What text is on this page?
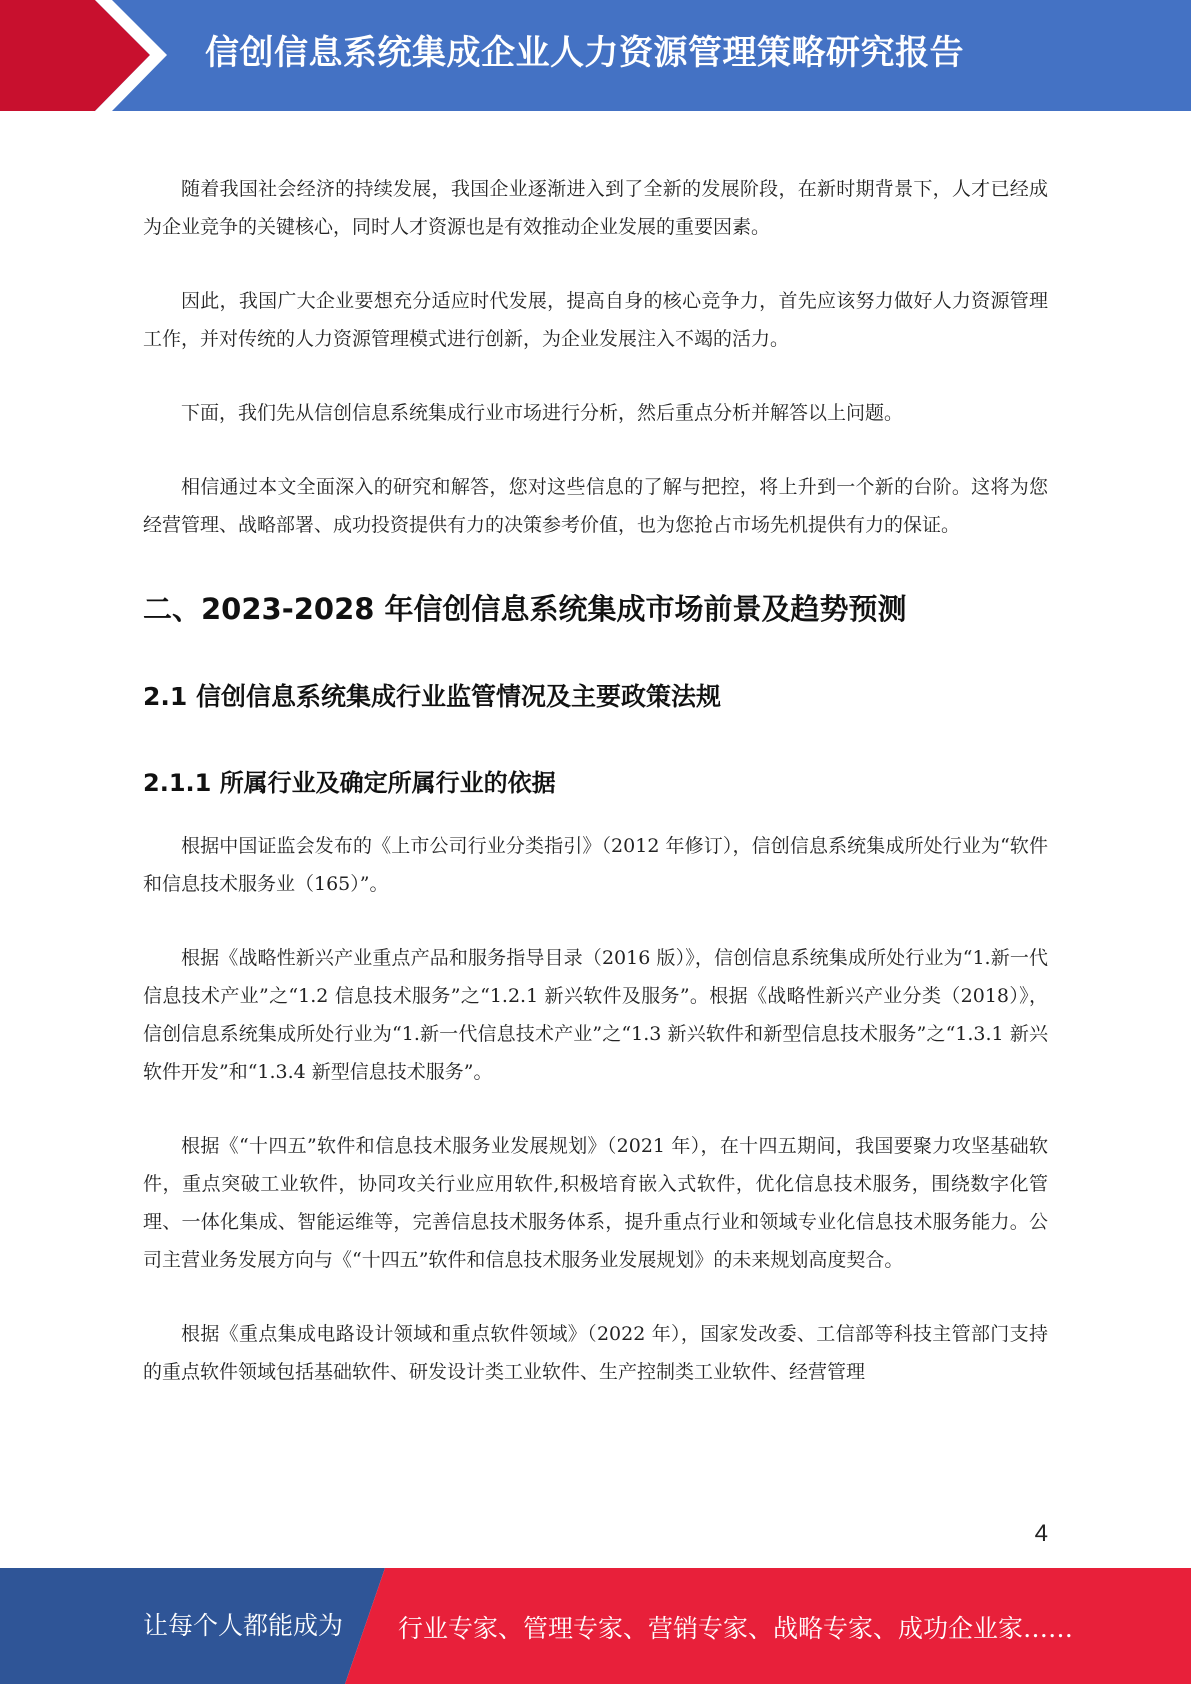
信创信息系统集成企业人力资源管理策略研究报告

随着我国社会经济的持续发展，我国企业逐渐进入到了全新的发展阶段，在新时期背景下，人才已经成为企业竞争的关键核心，同时人才资源也是有效推动企业发展的重要因素。

因此，我国广大企业要想充分适应时代发展，提高自身的核心竞争力，首先应该努力做好人力资源管理工作，并对传统的人力资源管理模式进行创新，为企业发展注入不竭的活力。

下面，我们先从信创信息系统集成行业市场进行分析，然后重点分析并解答以上问题。

相信通过本文全面深入的研究和解答，您对这些信息的了解与把控，将上升到一个新的台阶。这将为您经营管理、战略部署、成功投资提供有力的决策参考价值，也为您抢占市场先机提供有力的保证。

二、2023-2028 年信创信息系统集成市场前景及趋势预测
2.1 信创信息系统集成行业监管情况及主要政策法规
2.1.1 所属行业及确定所属行业的依据

根据中国证监会发布的《上市公司行业分类指引》（2012 年修订），信创信息系统集成所处行业为“软件和信息技术服务业（165）”。

根据《战略性新兴产业重点产品和服务指导目录（2016 版）》，信创信息系统集成所处行业为“1.新一代信息技术产业”之“1.2 信息技术服务”之“1.2.1 新兴软件及服务”。根据《战略性新兴产业分类（2018）》，信创信息系统集成所处行业为“1.新一代信息技术产业”之“1.3 新兴软件和新型信息技术服务”之“1.3.1 新兴软件开发”和“1.3.4 新型信息技术服务”。

根据《“十四五”软件和信息技术服务业发展规划》（2021 年），在十四五期间，我国要聚力攻坚基础软件，重点突破工业软件，协同攻关行业应用软件,积极培育嵌入式软件，优化信息技术服务，围绕数字化管理、一体化集成、智能运维等，完善信息技术服务体系，提升重点行业和领域专业化信息技术服务能力。公司主营业务发展方向与《“十四五”软件和信息技术服务业发展规划》的未来规划高度契合。

根据《重点集成电路设计领域和重点软件领域》（2022 年），国家发改委、工信部等科技主管部门支持的重点软件领域包括基础软件、研发设计类工业软件、生产控制类工业软件、经营管理

4
让每个人都能成为 行业专家、管理专家、营销专家、战略专家、成功企业家……
